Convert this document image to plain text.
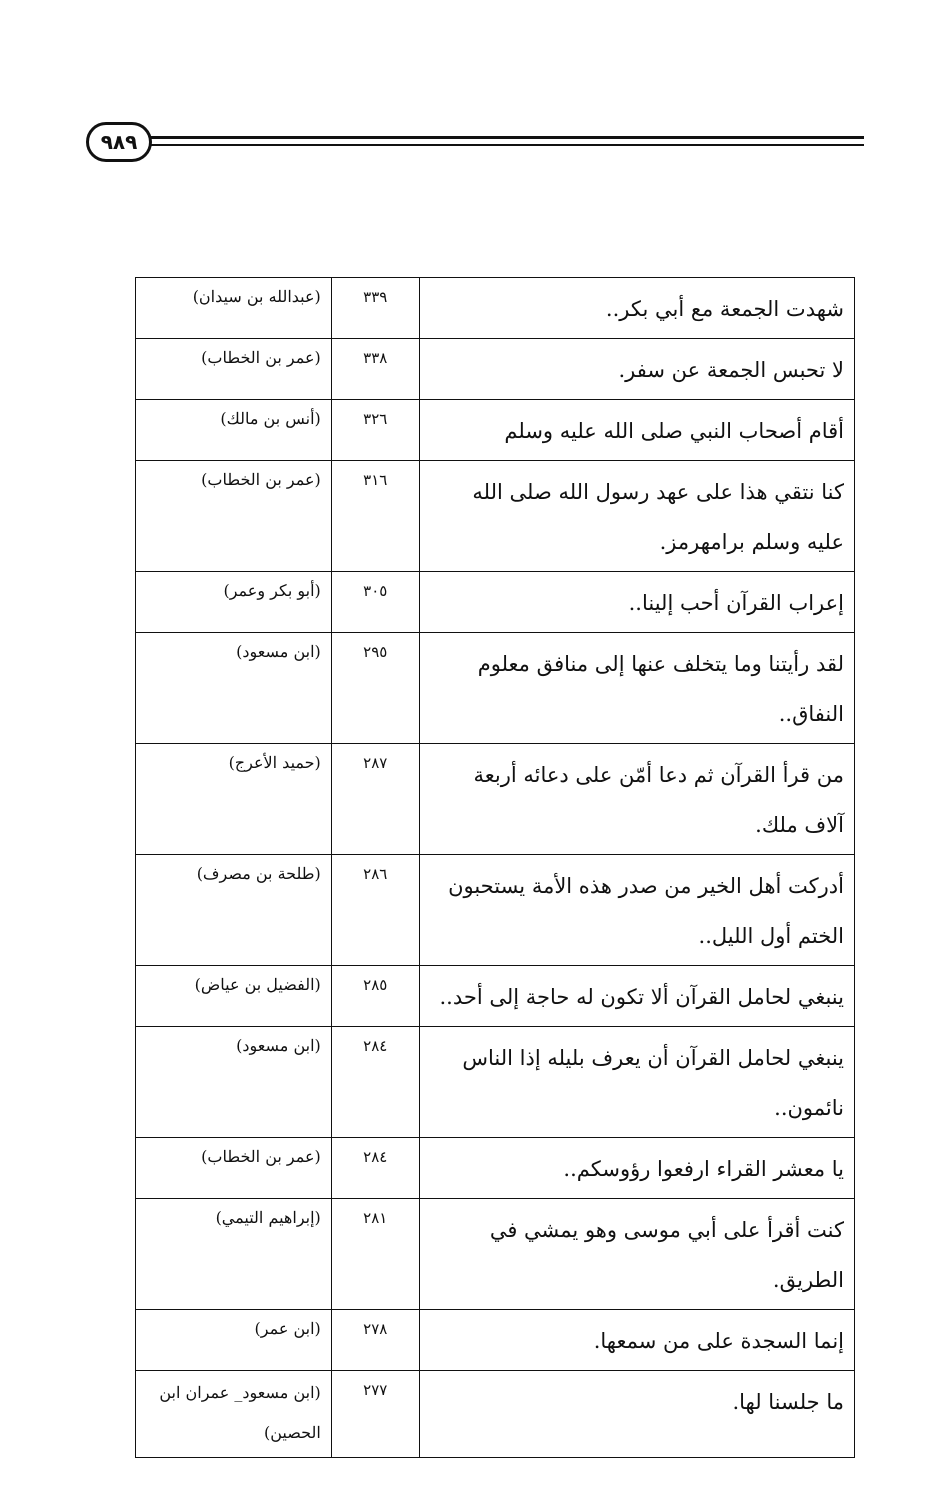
٩٨٩
شهدت الجمعة مع أبي بكر..	٣٣٩	(عبدالله بن سيدان)
لا تحبس الجمعة عن سفر.	٣٣٨	(عمر بن الخطاب)
أقام أصحاب النبي صلى الله عليه وسلم	٣٢٦	(أنس بن مالك)
كنا نتقي هذا على عهد رسول الله صلى الله عليه وسلم برامهرمز.	٣١٦	(عمر بن الخطاب)
إعراب القرآن أحب إلينا..	٣٠٥	(أبو بكر وعمر)
لقد رأيتنا وما يتخلف عنها إلى منافق معلوم النفاق..	٢٩٥	(ابن مسعود)
من قرأ القرآن ثم دعا أمّن على دعائه أربعة آلاف ملك.	٢٨٧	(حميد الأعرج)
أدركت أهل الخير من صدر هذه الأمة يستحبون الختم أول الليل..	٢٨٦	(طلحة بن مصرف)
ينبغي لحامل القرآن ألا تكون له حاجة إلى أحد..	٢٨٥	(الفضيل بن عياض)
ينبغي لحامل القرآن أن يعرف بليله إذا الناس نائمون..	٢٨٤	(ابن مسعود)
يا معشر القراء ارفعوا رؤوسكم..	٢٨٤	(عمر بن الخطاب)
كنت أقرأ على أبي موسى وهو يمشي في الطريق.	٢٨١	(إبراهيم التيمي)
إنما السجدة على من سمعها.	٢٧٨	(ابن عمر)
ما جلسنا لها.	٢٧٧	(ابن مسعود_ عمران ابن الحصين)
